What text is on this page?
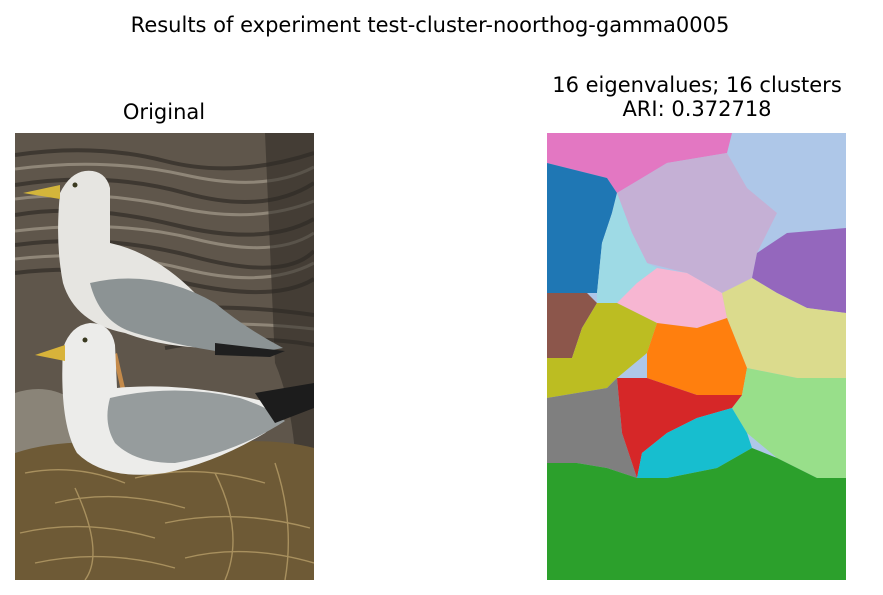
Results of experiment test-cluster-noorthog-gamma0005
Original
16 eigenvalues; 16 clusters
ARI: 0.372718
